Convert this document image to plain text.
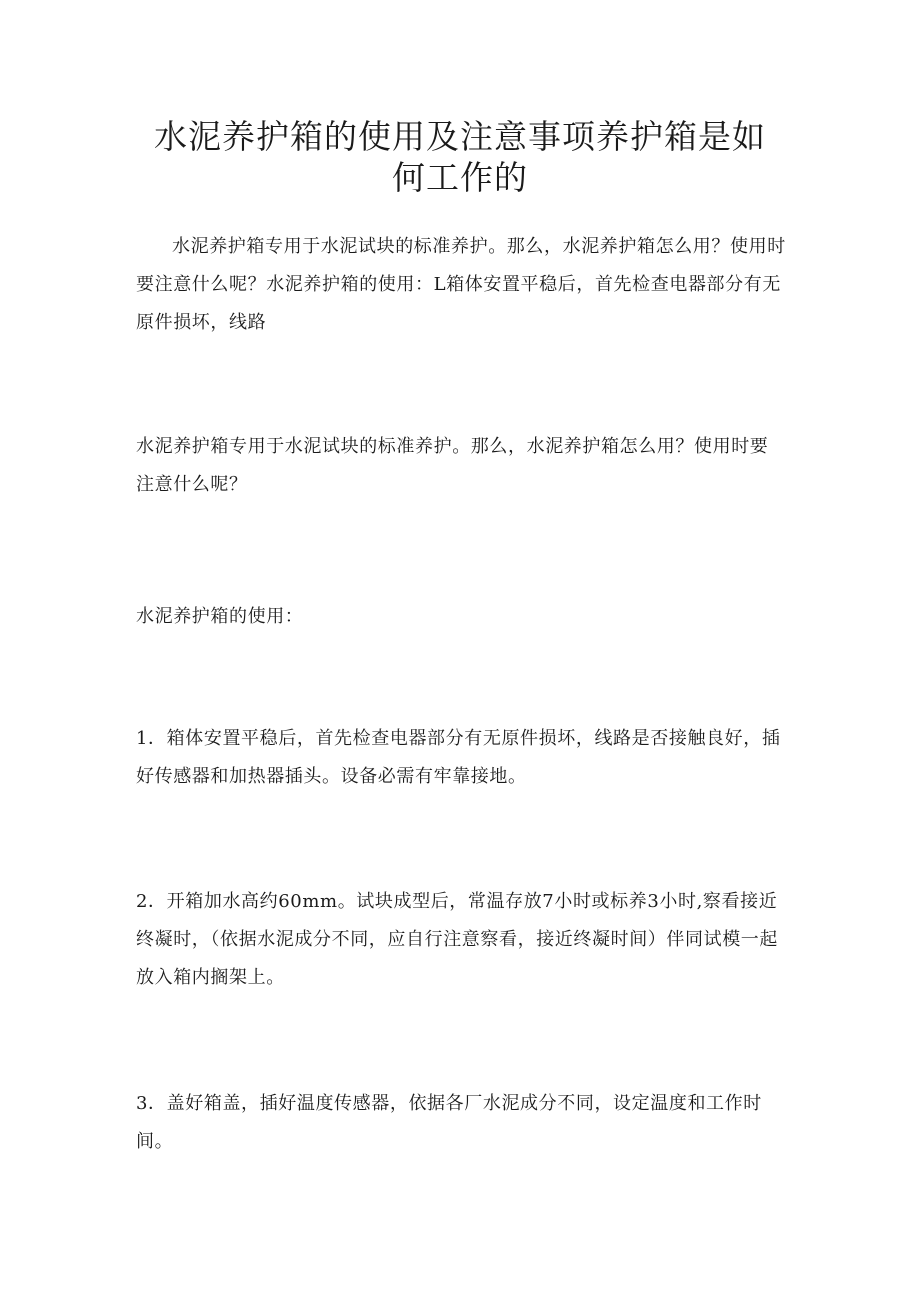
水泥养护箱的使用及注意事项养护箱是如何工作的

水泥养护箱专用于水泥试块的标准养护。那么，水泥养护箱怎么用？使用时要注意什么呢？水泥养护箱的使用：L箱体安置平稳后，首先检查电器部分有无原件损坏，线路

水泥养护箱专用于水泥试块的标准养护。那么，水泥养护箱怎么用？使用时要注意什么呢？

水泥养护箱的使用：

1．箱体安置平稳后，首先检查电器部分有无原件损坏，线路是否接触良好，插好传感器和加热器插头。设备必需有牢靠接地。

2．开箱加水高约60mm。试块成型后，常温存放7小时或标养3小时,察看接近终凝时，（依据水泥成分不同，应自行注意察看，接近终凝时间）伴同试模一起放入箱内搁架上。

3．盖好箱盖，插好温度传感器，依据各厂水泥成分不同，设定温度和工作时间。
